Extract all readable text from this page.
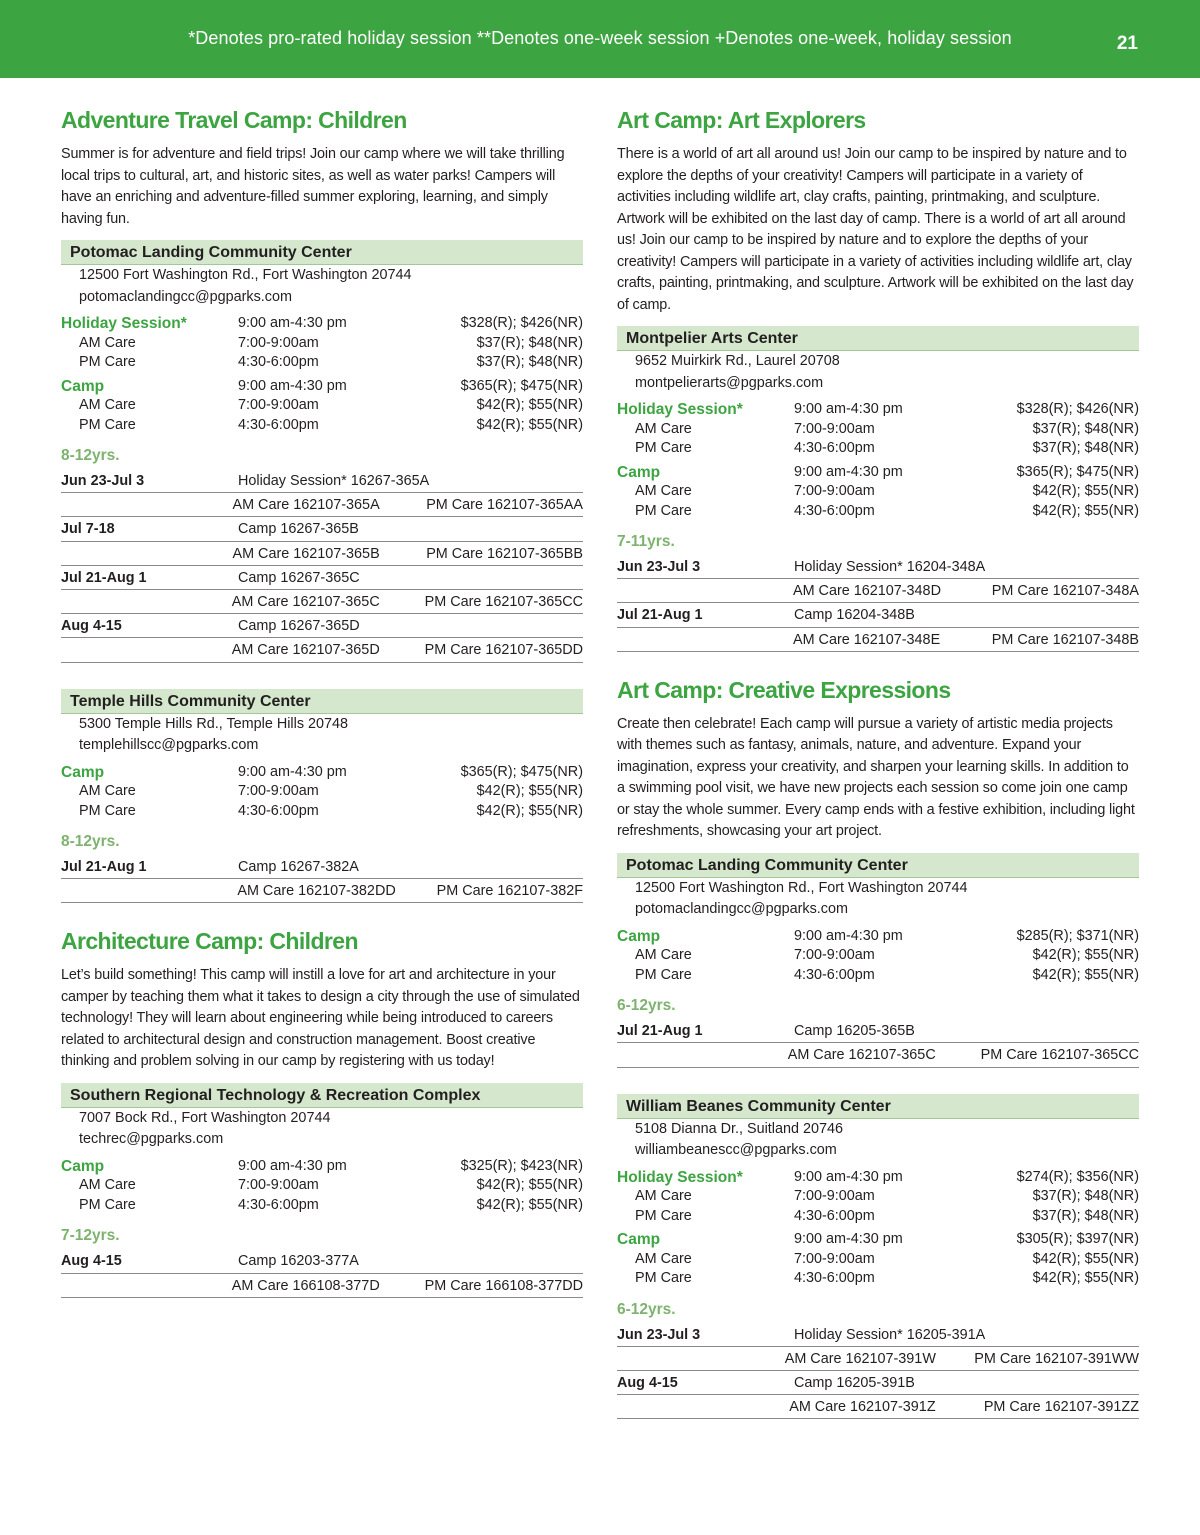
*Denotes pro-rated holiday session **Denotes one-week session +Denotes one-week, holiday session	21
Adventure Travel Camp: Children
Summer is for adventure and field trips! Join our camp where we will take thrilling local trips to cultural, art, and historic sites, as well as water parks! Campers will have an enriching and adventure-filled summer exploring, learning, and simply having fun.
Potomac Landing Community Center
12500 Fort Washington Rd., Fort Washington 20744
potomaclandingcc@pgparks.com
Holiday Session*	9:00 am-4:30 pm	$328(R); $426(NR)
AM Care	7:00-9:00am	$37(R); $48(NR)
PM Care	4:30-6:00pm	$37(R); $48(NR)
Camp	9:00 am-4:30 pm	$365(R); $475(NR)
AM Care	7:00-9:00am	$42(R); $55(NR)
PM Care	4:30-6:00pm	$42(R); $55(NR)
8-12yrs.
Jun 23-Jul 3	Holiday Session* 16267-365A
AM Care 162107-365A	PM Care 162107-365AA
Jul 7-18	Camp 16267-365B
AM Care 162107-365B	PM Care 162107-365BB
Jul 21-Aug 1	Camp 16267-365C
AM Care 162107-365C	PM Care 162107-365CC
Aug 4-15	Camp 16267-365D
AM Care 162107-365D	PM Care 162107-365DD
Temple Hills Community Center
5300 Temple Hills Rd., Temple Hills 20748
templehillscc@pgparks.com
Camp	9:00 am-4:30 pm	$365(R); $475(NR)
AM Care	7:00-9:00am	$42(R); $55(NR)
PM Care	4:30-6:00pm	$42(R); $55(NR)
8-12yrs.
Jul 21-Aug 1	Camp 16267-382A
AM Care 162107-382DD	PM Care 162107-382F
Architecture Camp: Children
Let’s build something! This camp will instill a love for art and architecture in your camper by teaching them what it takes to design a city through the use of simulated technology! They will learn about engineering while being introduced to careers related to architectural design and construction management. Boost creative thinking and problem solving in our camp by registering with us today!
Southern Regional Technology & Recreation Complex
7007 Bock Rd., Fort Washington 20744
techrec@pgparks.com
Camp	9:00 am-4:30 pm	$325(R); $423(NR)
AM Care	7:00-9:00am	$42(R); $55(NR)
PM Care	4:30-6:00pm	$42(R); $55(NR)
7-12yrs.
Aug 4-15	Camp 16203-377A
AM Care 166108-377D	PM Care 166108-377DD
Art Camp: Art Explorers
There is a world of art all around us! Join our camp to be inspired by nature and to explore the depths of your creativity! Campers will participate in a variety of activities including wildlife art, clay crafts, painting, printmaking, and sculpture. Artwork will be exhibited on the last day of camp. There is a world of art all around us! Join our camp to be inspired by nature and to explore the depths of your creativity! Campers will participate in a variety of activities including wildlife art, clay crafts, painting, printmaking, and sculpture. Artwork will be exhibited on the last day of camp.
Montpelier Arts Center
9652 Muirkirk Rd., Laurel 20708
montpelierarts@pgparks.com
Holiday Session*	9:00 am-4:30 pm	$328(R); $426(NR)
AM Care	7:00-9:00am	$37(R); $48(NR)
PM Care	4:30-6:00pm	$37(R); $48(NR)
Camp	9:00 am-4:30 pm	$365(R); $475(NR)
AM Care	7:00-9:00am	$42(R); $55(NR)
PM Care	4:30-6:00pm	$42(R); $55(NR)
7-11yrs.
Jun 23-Jul 3	Holiday Session* 16204-348A
AM Care 162107-348D	PM Care 162107-348A
Jul 21-Aug 1	Camp 16204-348B
AM Care 162107-348E	PM Care 162107-348B
Art Camp: Creative Expressions
Create then celebrate! Each camp will pursue a variety of artistic media projects with themes such as fantasy, animals, nature, and adventure. Expand your imagination, express your creativity, and sharpen your learning skills. In addition to a swimming pool visit, we have new projects each session so come join one camp or stay the whole summer. Every camp ends with a festive exhibition, including light refreshments, showcasing your art project.
Potomac Landing Community Center
12500 Fort Washington Rd., Fort Washington 20744
potomaclandingcc@pgparks.com
Camp	9:00 am-4:30 pm	$285(R); $371(NR)
AM Care	7:00-9:00am	$42(R); $55(NR)
PM Care	4:30-6:00pm	$42(R); $55(NR)
6-12yrs.
Jul 21-Aug 1	Camp 16205-365B
AM Care 162107-365C	PM Care 162107-365CC
William Beanes Community Center
5108 Dianna Dr., Suitland 20746
williambeanescc@pgparks.com
Holiday Session*	9:00 am-4:30 pm	$274(R); $356(NR)
AM Care	7:00-9:00am	$37(R); $48(NR)
PM Care	4:30-6:00pm	$37(R); $48(NR)
Camp	9:00 am-4:30 pm	$305(R); $397(NR)
AM Care	7:00-9:00am	$42(R); $55(NR)
PM Care	4:30-6:00pm	$42(R); $55(NR)
6-12yrs.
Jun 23-Jul 3	Holiday Session* 16205-391A
AM Care 162107-391W	PM Care 162107-391WW
Aug 4-15	Camp 16205-391B
AM Care 162107-391Z	PM Care 162107-391ZZ
